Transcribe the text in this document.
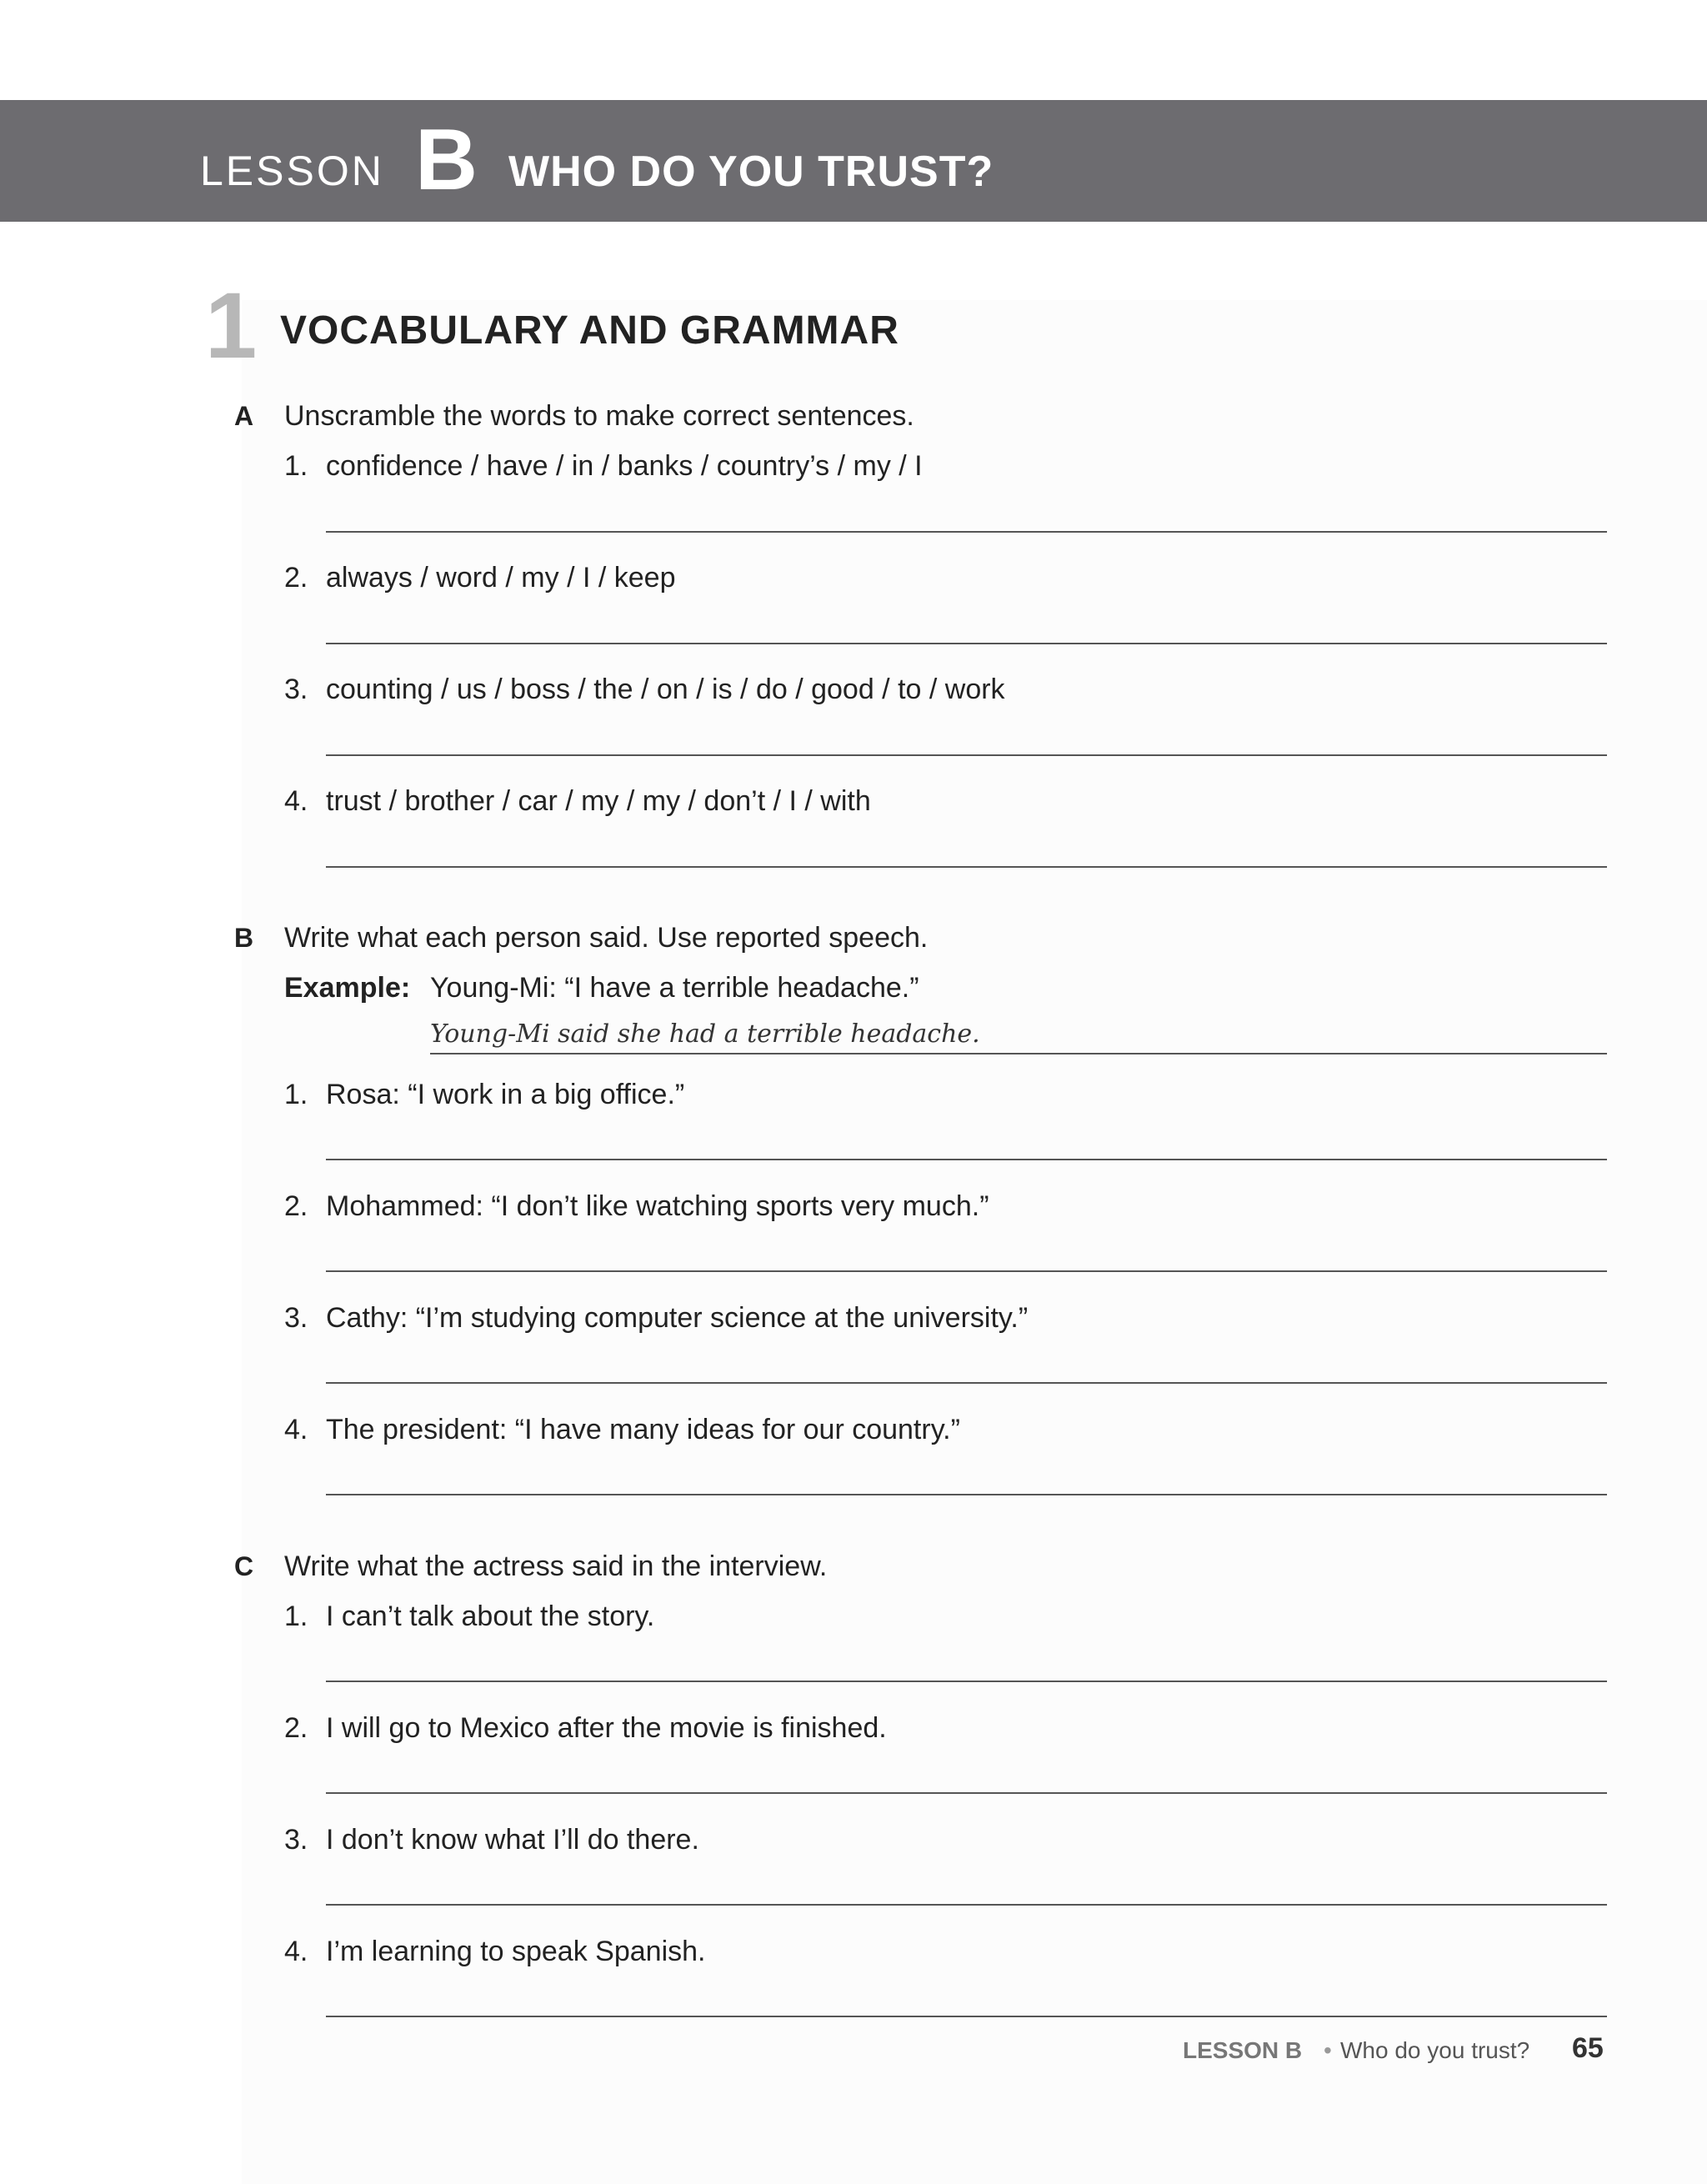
LESSON B WHO DO YOU TRUST?
1 VOCABULARY AND GRAMMAR
A Unscramble the words to make correct sentences.
1. confidence / have / in / banks / country’s / my / I
2. always / word / my / I / keep
3. counting / us / boss / the / on / is / do / good / to / work
4. trust / brother / car / my / my / don’t / I / with
B Write what each person said. Use reported speech.
Example: Young-Mi: “I have a terrible headache.”
Young-Mi said she had a terrible headache.
1. Rosa: “I work in a big office.”
2. Mohammed: “I don’t like watching sports very much.”
3. Cathy: “I’m studying computer science at the university.”
4. The president: “I have many ideas for our country.”
C Write what the actress said in the interview.
1. I can’t talk about the story.
2. I will go to Mexico after the movie is finished.
3. I don’t know what I’ll do there.
4. I’m learning to speak Spanish.
LESSON B • Who do you trust? 65
